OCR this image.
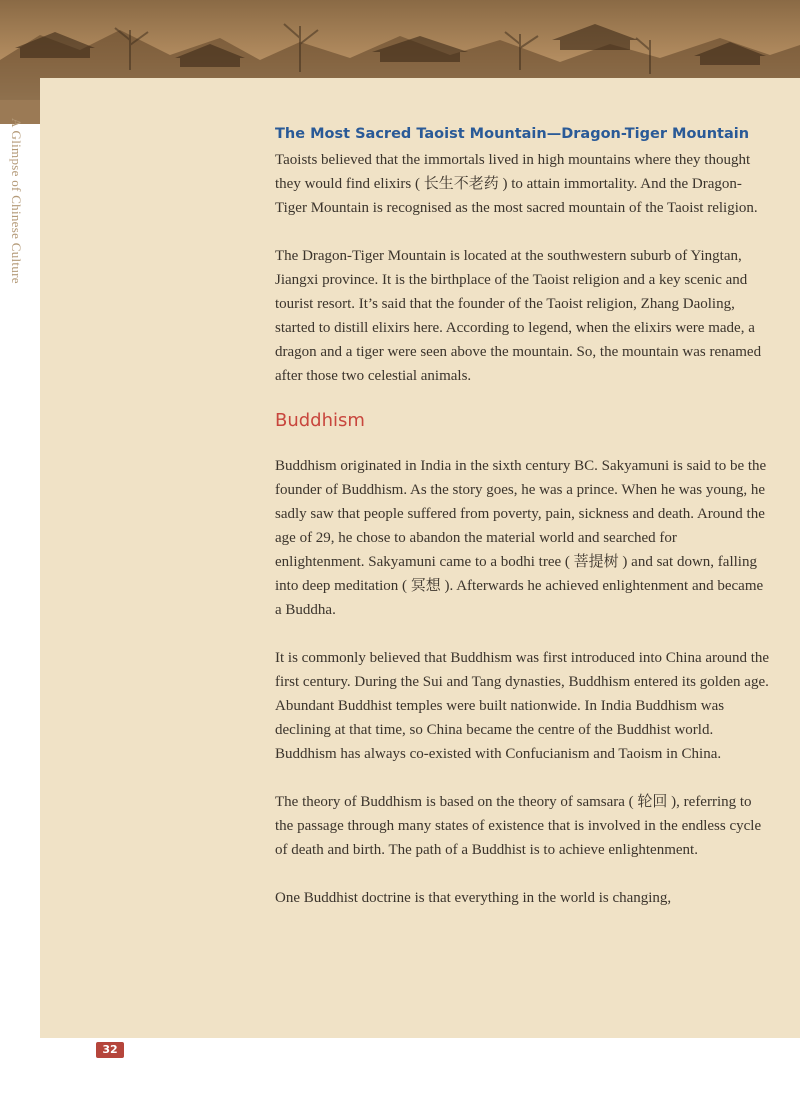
A Glimpse of Chinese Culture	The Most Sacred Taoist Mountain—Dragon-Tiger Mountain

Taoists believed that the immortals lived in high mountains where they thought they would find elixirs ( 长生不老药 ) to attain immortality. And the Dragon-Tiger Mountain is recognised as the most sacred mountain of the Taoist religion.

The Dragon-Tiger Mountain is located at the southwestern suburb of Yingtan, Jiangxi province. It is the birthplace of the Taoist religion and a key scenic and tourist resort. It’s said that the founder of the Taoist religion, Zhang Daoling, started to distill elixirs here. According to legend, when the elixirs were made, a dragon and a tiger were seen above the mountain. So, the mountain was renamed after those two celestial animals.

Buddhism

Buddhism originated in India in the sixth century BC. Sakyamuni is said to be the founder of Buddhism. As the story goes, he was a prince. When he was young, he sadly saw that people suffered from poverty, pain, sickness and death. Around the age of 29, he chose to abandon the material world and searched for enlightenment. Sakyamuni came to a bodhi tree ( 菩提树 ) and sat down, falling into deep meditation ( 冥想 ). Afterwards he achieved enlightenment and became a Buddha.

It is commonly believed that Buddhism was first introduced into China around the first century. During the Sui and Tang dynasties, Buddhism entered its golden age. Abundant Buddhist temples were built nationwide. In India Buddhism was declining at that time, so China became the centre of the Buddhist world. Buddhism has always co-existed with Confucianism and Taoism in China.

The theory of Buddhism is based on the theory of samsara ( 轮回 ), referring to the passage through many states of existence that is involved in the endless cycle of death and birth. The path of a Buddhist is to achieve enlightenment.

One Buddhist doctrine is that everything in the world is changing,

32
